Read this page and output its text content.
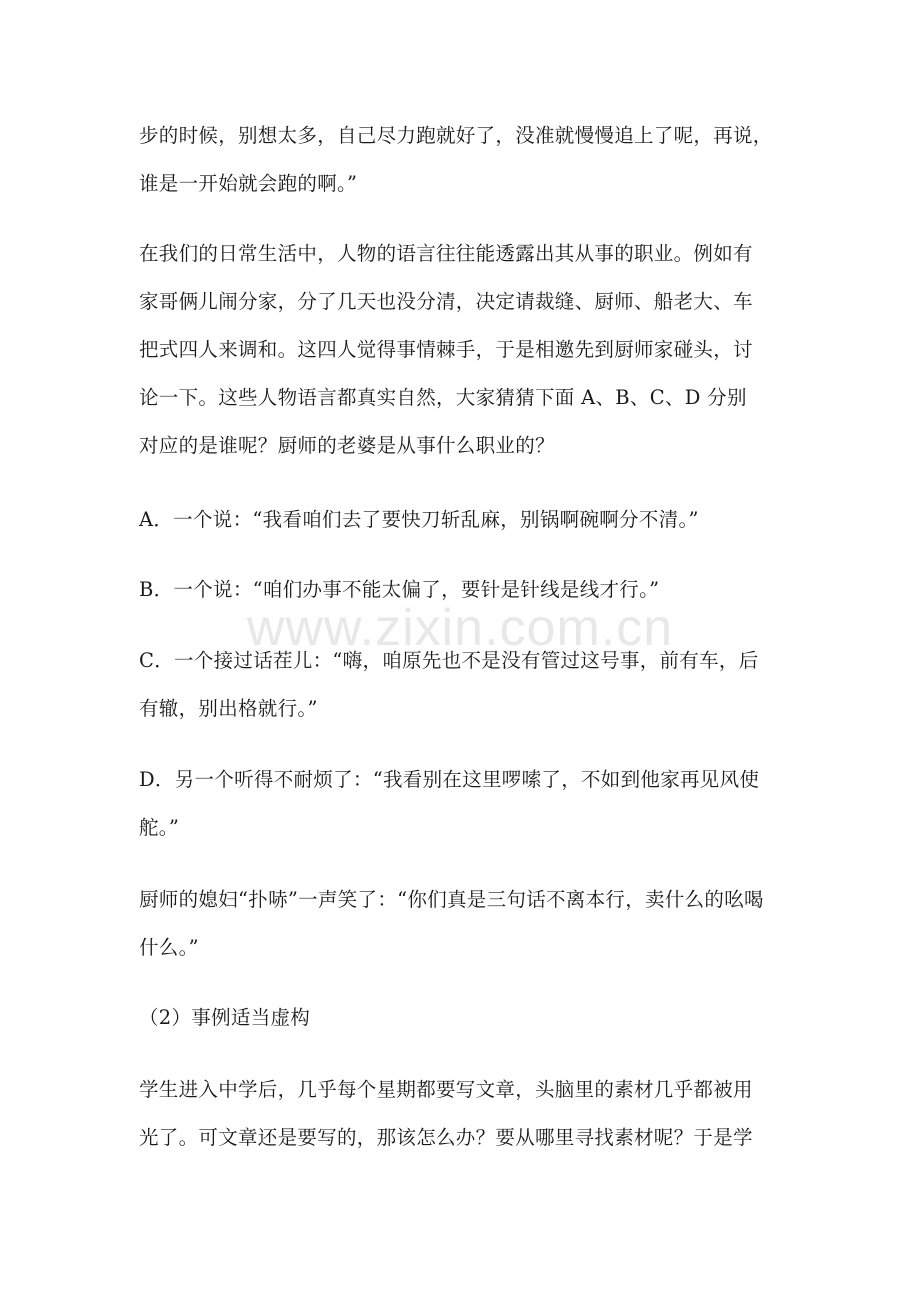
www.zixin.com.cn
步的时候，别想太多，自己尽力跑就好了，没准就慢慢追上了呢，再说，
谁是一开始就会跑的啊。”
在我们的日常生活中，人物的语言往往能透露出其从事的职业。例如有
家哥俩儿闹分家，分了几天也没分清，决定请裁缝、厨师、船老大、车
把式四人来调和。这四人觉得事情棘手，于是相邀先到厨师家碰头，讨
论一下。这些人物语言都真实自然，大家猜猜下面 A、B、C、D 分别
对应的是谁呢？厨师的老婆是从事什么职业的？
A．一个说：“我看咱们去了要快刀斩乱麻，别锅啊碗啊分不清。”
B．一个说：“咱们办事不能太偏了，要针是针线是线才行。”
C．一个接过话茬儿：“嗨，咱原先也不是没有管过这号事，前有车，后
有辙，别出格就行。”
D．另一个听得不耐烦了：“我看别在这里啰嗦了，不如到他家再见风使
舵。”
厨师的媳妇“扑哧”一声笑了：“你们真是三句话不离本行，卖什么的吆喝
什么。”
（2）事例适当虚构
学生进入中学后，几乎每个星期都要写文章，头脑里的素材几乎都被用
光了。可文章还是要写的，那该怎么办？要从哪里寻找素材呢？于是学
